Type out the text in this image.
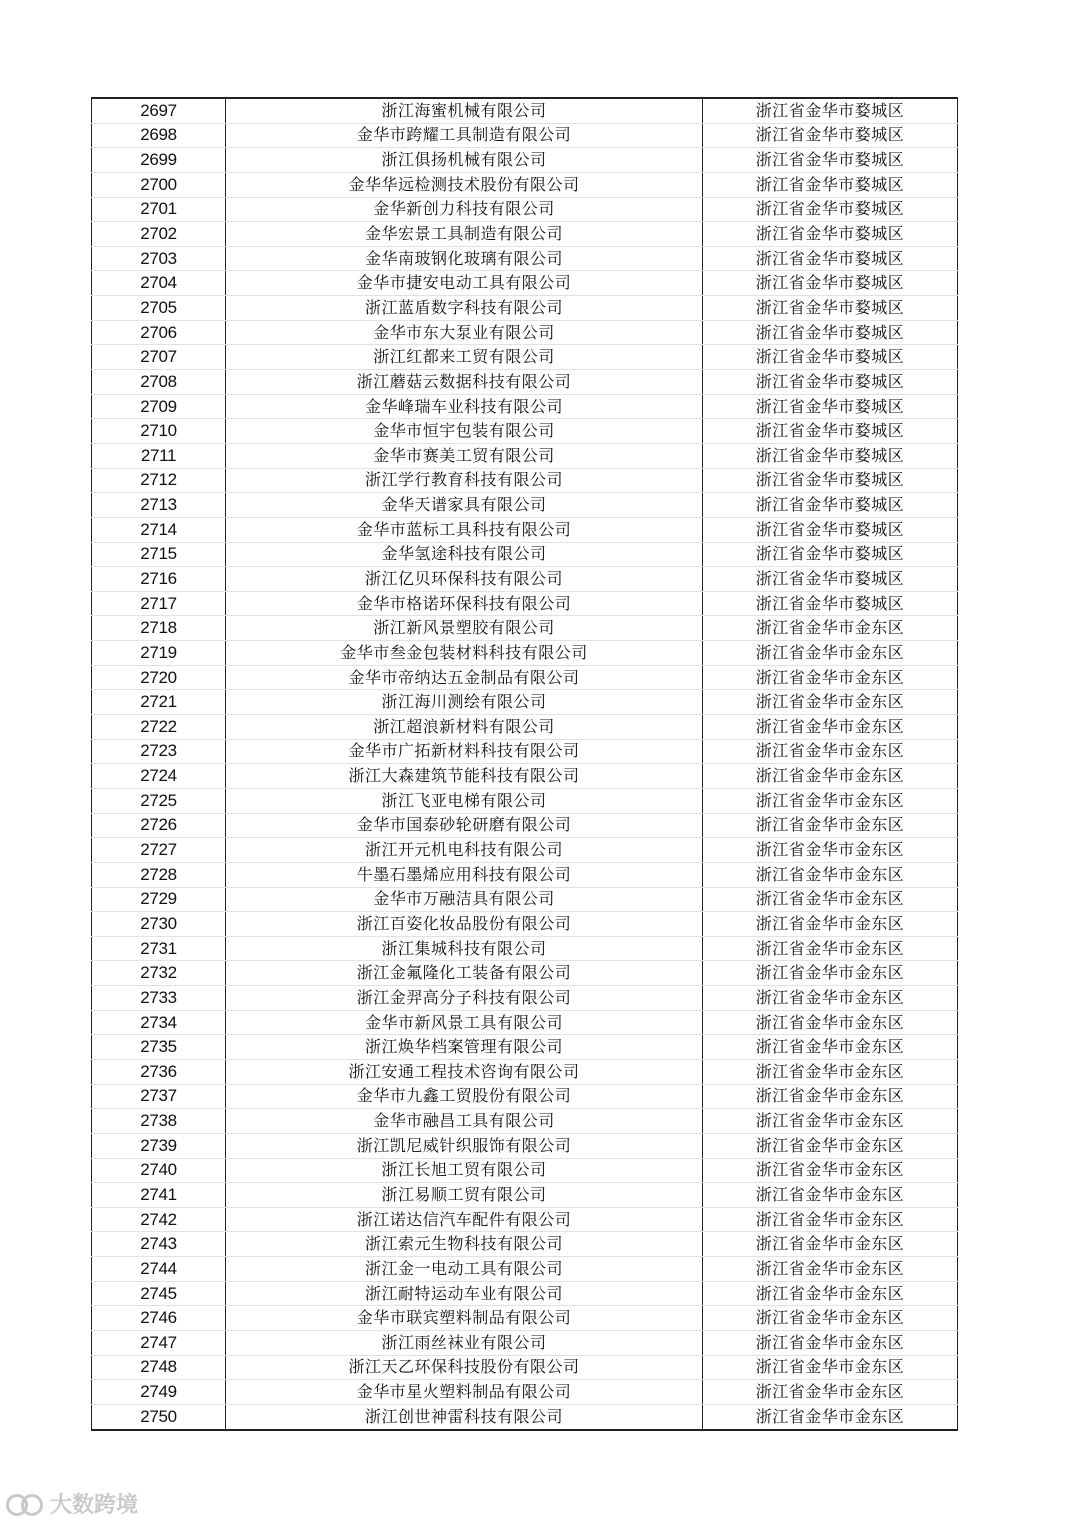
2697	浙江海蜜机械有限公司	浙江省金华市婺城区
2698	金华市跨耀工具制造有限公司	浙江省金华市婺城区
2699	浙江俱扬机械有限公司	浙江省金华市婺城区
2700	金华华远检测技术股份有限公司	浙江省金华市婺城区
2701	金华新创力科技有限公司	浙江省金华市婺城区
2702	金华宏景工具制造有限公司	浙江省金华市婺城区
2703	金华南玻钢化玻璃有限公司	浙江省金华市婺城区
2704	金华市捷安电动工具有限公司	浙江省金华市婺城区
2705	浙江蓝盾数字科技有限公司	浙江省金华市婺城区
2706	金华市东大泵业有限公司	浙江省金华市婺城区
2707	浙江红都来工贸有限公司	浙江省金华市婺城区
2708	浙江蘑菇云数据科技有限公司	浙江省金华市婺城区
2709	金华峰瑞车业科技有限公司	浙江省金华市婺城区
2710	金华市恒宇包装有限公司	浙江省金华市婺城区
2711	金华市赛美工贸有限公司	浙江省金华市婺城区
2712	浙江学行教育科技有限公司	浙江省金华市婺城区
2713	金华天谱家具有限公司	浙江省金华市婺城区
2714	金华市蓝标工具科技有限公司	浙江省金华市婺城区
2715	金华氢途科技有限公司	浙江省金华市婺城区
2716	浙江亿贝环保科技有限公司	浙江省金华市婺城区
2717	金华市格诺环保科技有限公司	浙江省金华市婺城区
2718	浙江新风景塑胶有限公司	浙江省金华市金东区
2719	金华市叁金包装材料科技有限公司	浙江省金华市金东区
2720	金华市帝纳达五金制品有限公司	浙江省金华市金东区
2721	浙江海川测绘有限公司	浙江省金华市金东区
2722	浙江超浪新材料有限公司	浙江省金华市金东区
2723	金华市广拓新材料科技有限公司	浙江省金华市金东区
2724	浙江大森建筑节能科技有限公司	浙江省金华市金东区
2725	浙江飞亚电梯有限公司	浙江省金华市金东区
2726	金华市国泰砂轮研磨有限公司	浙江省金华市金东区
2727	浙江开元机电科技有限公司	浙江省金华市金东区
2728	牛墨石墨烯应用科技有限公司	浙江省金华市金东区
2729	金华市万融洁具有限公司	浙江省金华市金东区
2730	浙江百姿化妆品股份有限公司	浙江省金华市金东区
2731	浙江集城科技有限公司	浙江省金华市金东区
2732	浙江金氟隆化工装备有限公司	浙江省金华市金东区
2733	浙江金羿高分子科技有限公司	浙江省金华市金东区
2734	金华市新风景工具有限公司	浙江省金华市金东区
2735	浙江焕华档案管理有限公司	浙江省金华市金东区
2736	浙江安通工程技术咨询有限公司	浙江省金华市金东区
2737	金华市九鑫工贸股份有限公司	浙江省金华市金东区
2738	金华市融昌工具有限公司	浙江省金华市金东区
2739	浙江凯尼威针织服饰有限公司	浙江省金华市金东区
2740	浙江长旭工贸有限公司	浙江省金华市金东区
2741	浙江易顺工贸有限公司	浙江省金华市金东区
2742	浙江诺达信汽车配件有限公司	浙江省金华市金东区
2743	浙江索元生物科技有限公司	浙江省金华市金东区
2744	浙江金一电动工具有限公司	浙江省金华市金东区
2745	浙江耐特运动车业有限公司	浙江省金华市金东区
2746	金华市联宾塑料制品有限公司	浙江省金华市金东区
2747	浙江雨丝袜业有限公司	浙江省金华市金东区
2748	浙江天乙环保科技股份有限公司	浙江省金华市金东区
2749	金华市星火塑料制品有限公司	浙江省金华市金东区
2750	浙江创世神雷科技有限公司	浙江省金华市金东区
大数跨境
